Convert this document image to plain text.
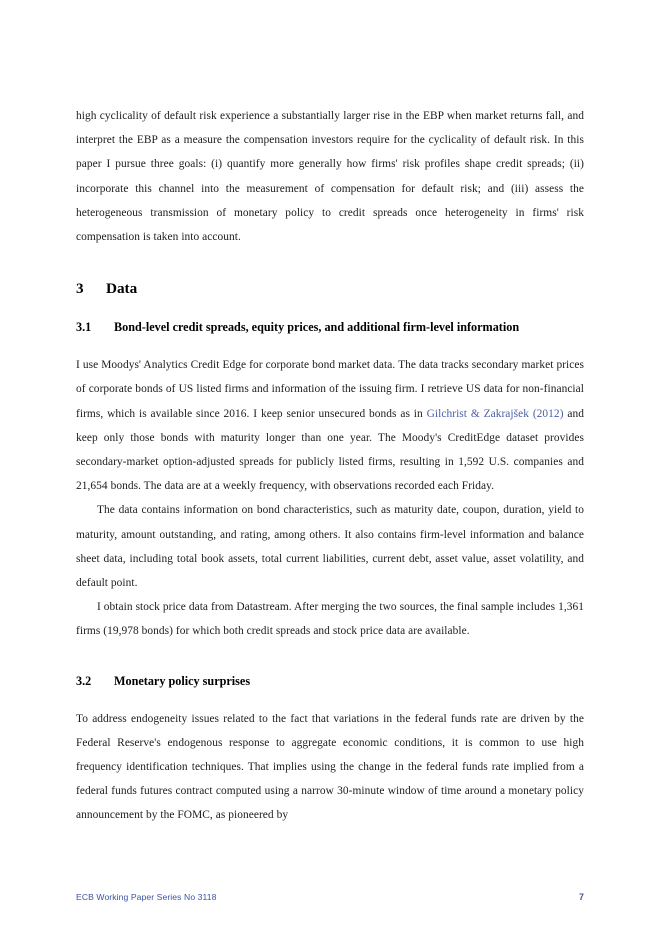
high cyclicality of default risk experience a substantially larger rise in the EBP when market returns fall, and interpret the EBP as a measure the compensation investors require for the cyclicality of default risk. In this paper I pursue three goals: (i) quantify more generally how firms' risk profiles shape credit spreads; (ii) incorporate this channel into the measurement of compensation for default risk; and (iii) assess the heterogeneous transmission of monetary policy to credit spreads once heterogeneity in firms' risk compensation is taken into account.

3	Data
3.1	Bond-level credit spreads, equity prices, and additional firm-level information

I use Moodys' Analytics Credit Edge for corporate bond market data. The data tracks secondary market prices of corporate bonds of US listed firms and information of the issuing firm. I retrieve US data for non-financial firms, which is available since 2016. I keep senior unsecured bonds as in Gilchrist & Zakrajšek (2012) and keep only those bonds with maturity longer than one year. The Moody's CreditEdge dataset provides secondary-market option-adjusted spreads for publicly listed firms, resulting in 1,592 U.S. companies and 21,654 bonds. The data are at a weekly frequency, with observations recorded each Friday.

The data contains information on bond characteristics, such as maturity date, coupon, duration, yield to maturity, amount outstanding, and rating, among others. It also contains firm-level information and balance sheet data, including total book assets, total current liabilities, current debt, asset value, asset volatility, and default point.

I obtain stock price data from Datastream. After merging the two sources, the final sample includes 1,361 firms (19,978 bonds) for which both credit spreads and stock price data are available.

3.2	Monetary policy surprises

To address endogeneity issues related to the fact that variations in the federal funds rate are driven by the Federal Reserve's endogenous response to aggregate economic conditions, it is common to use high frequency identification techniques. That implies using the change in the federal funds rate implied from a federal funds futures contract computed using a narrow 30-minute window of time around a monetary policy announcement by the FOMC, as pioneered by

ECB Working Paper Series No 3118	7
